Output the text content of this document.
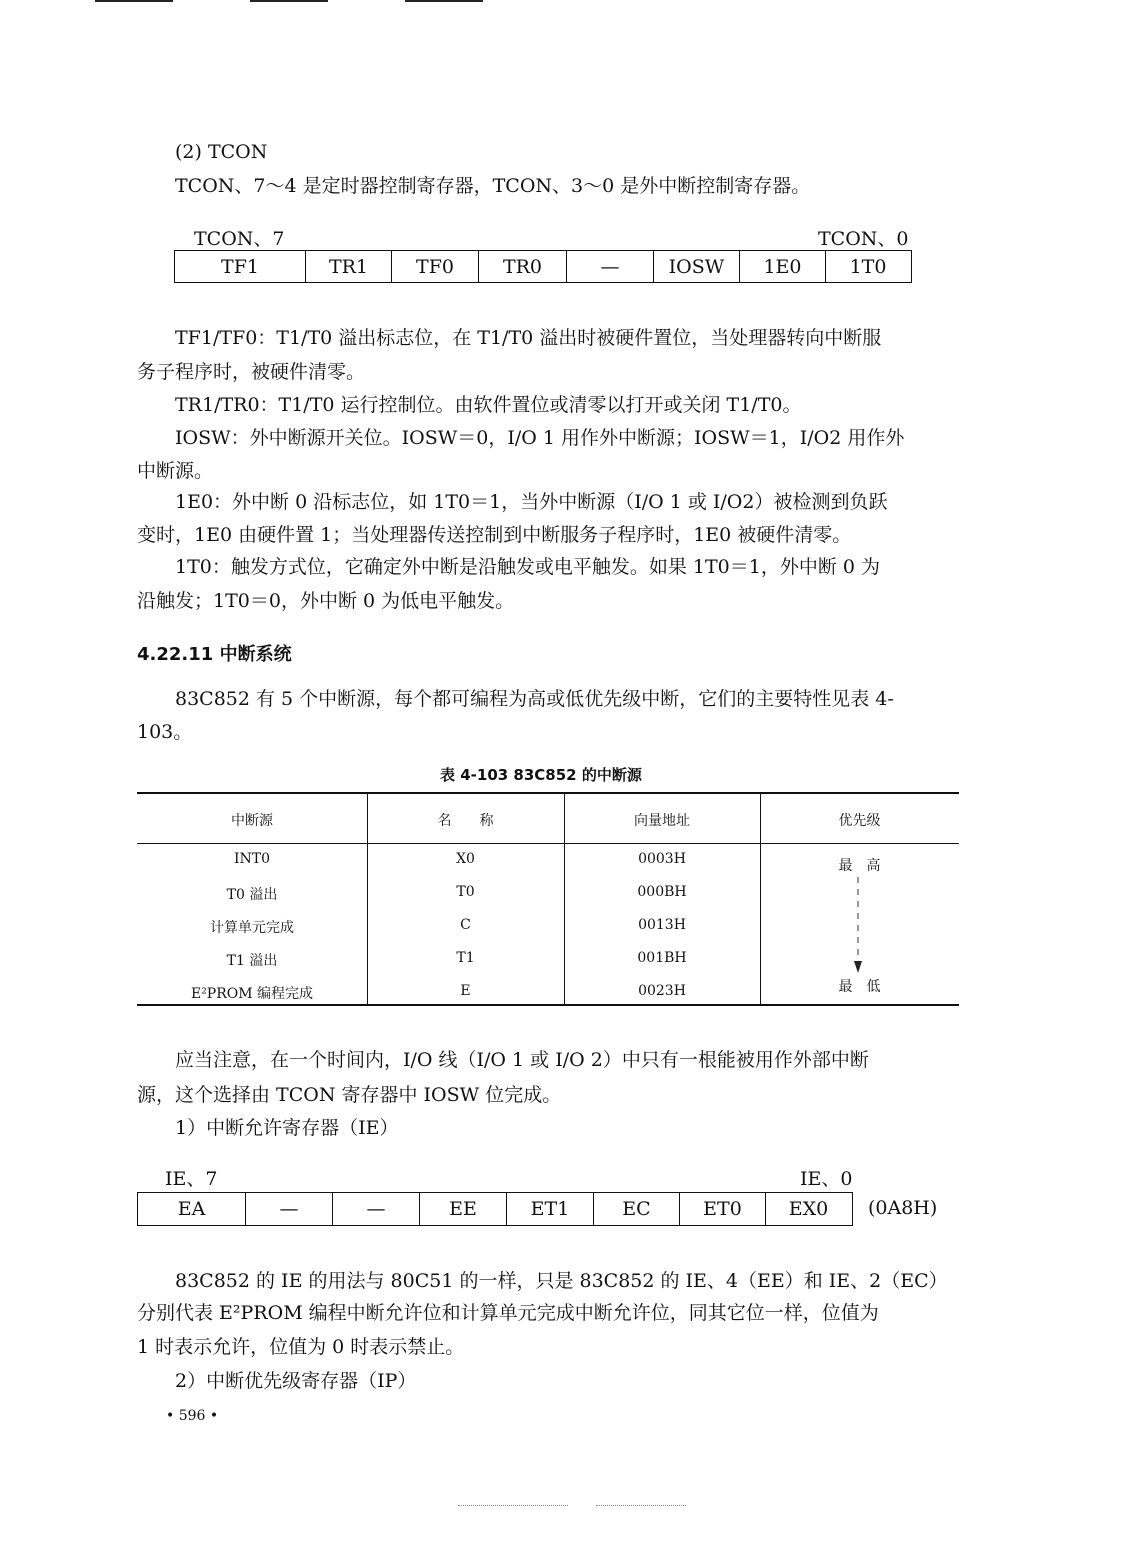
(2) TCON
TCON、7～4 是定时器控制寄存器，TCON、3～0 是外中断控制寄存器。
TCON、7	TCON、0
TF1	TR1	TF0	TR0	—	IOSW	1E0	1T0
TF1/TF0：T1/T0 溢出标志位，在 T1/T0 溢出时被硬件置位，当处理器转向中断服
务子程序时，被硬件清零。
TR1/TR0：T1/T0 运行控制位。由软件置位或清零以打开或关闭 T1/T0。
IOSW：外中断源开关位。IOSW＝0，I/O 1 用作外中断源；IOSW＝1，I/O2 用作外
中断源。
1E0：外中断 0 沿标志位，如 1T0＝1，当外中断源（I/O 1 或 I/O2）被检测到负跃
变时，1E0 由硬件置 1；当处理器传送控制到中断服务子程序时，1E0 被硬件清零。
1T0：触发方式位，它确定外中断是沿触发或电平触发。如果 1T0＝1，外中断 0 为
沿触发；1T0＝0，外中断 0 为低电平触发。
4.22.11 中断系统
83C852 有 5 个中断源，每个都可编程为高或低优先级中断，它们的主要特性见表 4-
103。
表 4-103 83C852 的中断源
中断源	名　　称	向量地址	优先级
INT0	X0	0003H
T0 溢出	T0	000BH
计算单元完成	C	0013H
T1 溢出	T1	001BH
E²PROM 编程完成	E	0023H
最　高
最　低
应当注意，在一个时间内，I/O 线（I/O 1 或 I/O 2）中只有一根能被用作外部中断
源，这个选择由 TCON 寄存器中 IOSW 位完成。
1）中断允许寄存器（IE）
IE、7	IE、0
EA	—	—	EE	ET1	EC	ET0	EX0	(0A8H)
83C852 的 IE 的用法与 80C51 的一样，只是 83C852 的 IE、4（EE）和 IE、2（EC）
分别代表 E²PROM 编程中断允许位和计算单元完成中断允许位，同其它位一样，位值为
1 时表示允许，位值为 0 时表示禁止。
2）中断优先级寄存器（IP）
• 596 •
